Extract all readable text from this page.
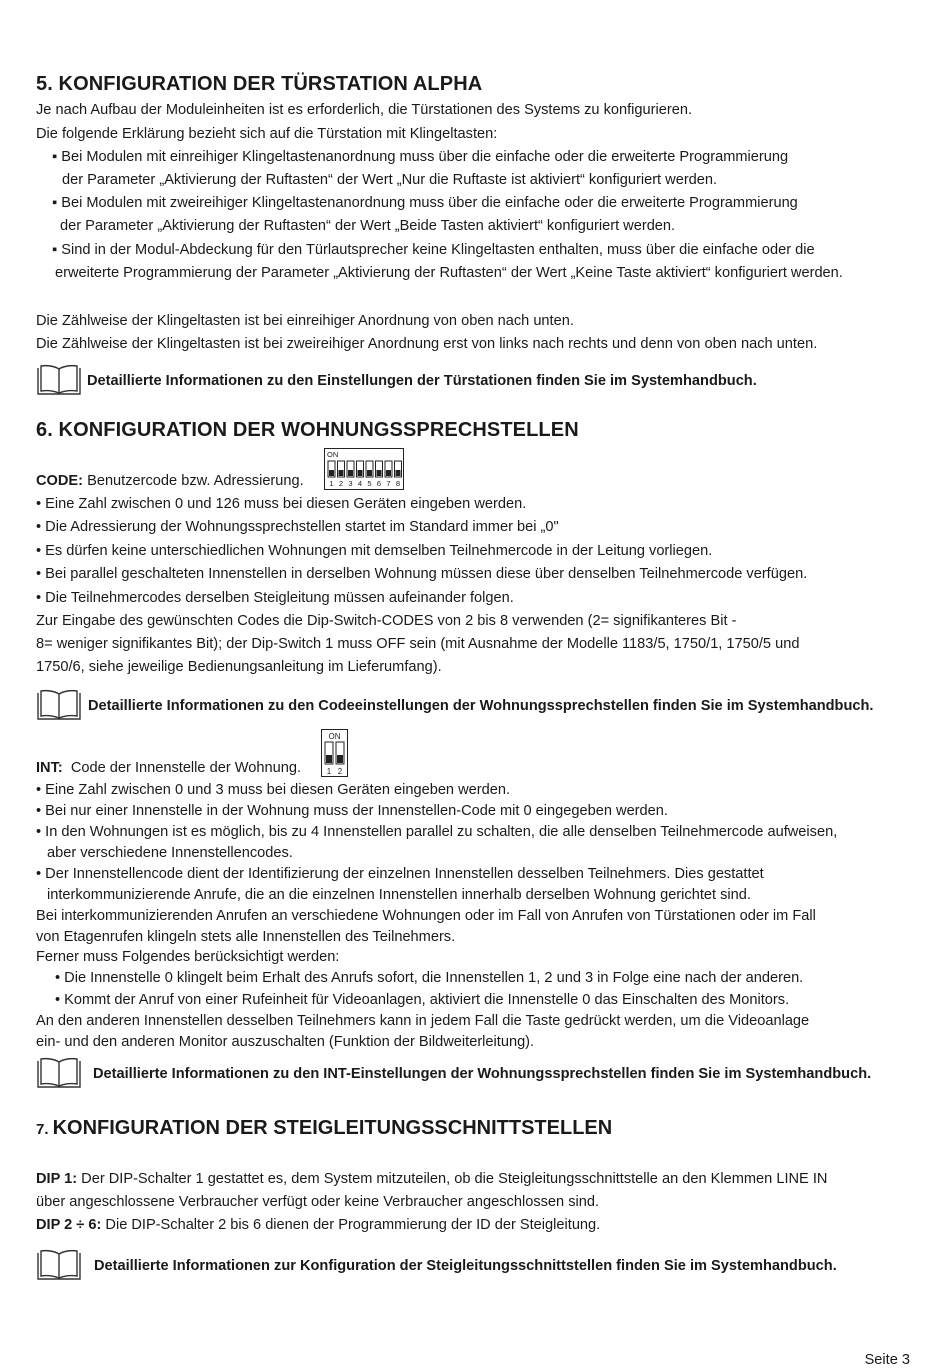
5. KONFIGURATION DER TÜRSTATION ALPHA
Je nach Aufbau der Moduleinheiten ist es erforderlich, die Türstationen des Systems zu konfigurieren.
Die folgende Erklärung bezieht sich auf die Türstation mit Klingeltasten:
▪ Bei Modulen mit einreihiger Klingeltastenanordnung muss über die einfache oder die erweiterte Programmierung
der Parameter „Aktivierung der Ruftasten“ der Wert „Nur die Ruftaste ist aktiviert“ konfiguriert werden.
▪ Bei Modulen mit zweireihiger Klingeltastenanordnung muss über die einfache oder die erweiterte Programmierung
der Parameter „Aktivierung der Ruftasten“ der Wert „Beide Tasten aktiviert“ konfiguriert werden.
▪ Sind in der Modul-Abdeckung für den Türlautsprecher keine Klingeltasten enthalten, muss über die einfache oder die
erweiterte Programmierung der Parameter „Aktivierung der Ruftasten“ der Wert „Keine Taste aktiviert“ konfiguriert werden.
Die Zählweise der Klingeltasten ist bei einreihiger Anordnung von oben nach unten.
Die Zählweise der Klingeltasten ist bei zweireihiger Anordnung erst von links nach rechts und denn von oben nach unten.
Detaillierte Informationen zu den Einstellungen der Türstationen finden Sie im Systemhandbuch.
6. KONFIGURATION DER WOHNUNGSSPRECHSTELLEN
CODE: Benutzercode bzw. Adressierung.
ON
1 2 3 4 5 6 7 8
• Eine Zahl zwischen 0 und 126 muss bei diesen Geräten eingeben werden.
• Die Adressierung der Wohnungssprechstellen startet im Standard immer bei „0"
• Es dürfen keine unterschiedlichen Wohnungen mit demselben Teilnehmercode in der Leitung vorliegen.
• Bei parallel geschalteten Innenstellen in derselben Wohnung müssen diese über denselben Teilnehmercode verfügen.
• Die Teilnehmercodes derselben Steigleitung müssen aufeinander folgen.
Zur Eingabe des gewünschten Codes die Dip-Switch-CODES von 2 bis 8 verwenden (2= signifikanteres Bit -
8= weniger signifikantes Bit); der Dip-Switch 1 muss OFF sein (mit Ausnahme der Modelle 1183/5, 1750/1, 1750/5 und
1750/6, siehe jeweilige Bedienungsanleitung im Lieferumfang).
Detaillierte Informationen zu den Codeeinstellungen der Wohnungssprechstellen finden Sie im Systemhandbuch.
INT: Code der Innenstelle der Wohnung.
ON
1 2
• Eine Zahl zwischen 0 und 3 muss bei diesen Geräten eingeben werden.
• Bei nur einer Innenstelle in der Wohnung muss der Innenstellen-Code mit 0 eingegeben werden.
• In den Wohnungen ist es möglich, bis zu 4 Innenstellen parallel zu schalten, die alle denselben Teilnehmercode aufweisen,
aber verschiedene Innenstellencodes.
• Der Innenstellencode dient der Identifizierung der einzelnen Innenstellen desselben Teilnehmers. Dies gestattet
interkommunizierende Anrufe, die an die einzelnen Innenstellen innerhalb derselben Wohnung gerichtet sind.
Bei interkommunizierenden Anrufen an verschiedene Wohnungen oder im Fall von Anrufen von Türstationen oder im Fall
von Etagenrufen klingeln stets alle Innenstellen des Teilnehmers.
Ferner muss Folgendes berücksichtigt werden:
• Die Innenstelle 0 klingelt beim Erhalt des Anrufs sofort, die Innenstellen 1, 2 und 3 in Folge eine nach der anderen.
• Kommt der Anruf von einer Rufeinheit für Videoanlagen, aktiviert die Innenstelle 0 das Einschalten des Monitors.
An den anderen Innenstellen desselben Teilnehmers kann in jedem Fall die Taste gedrückt werden, um die Videoanlage
ein- und den anderen Monitor auszuschalten (Funktion der Bildweiterleitung).
Detaillierte Informationen zu den INT-Einstellungen der Wohnungssprechstellen finden Sie im Systemhandbuch.
7. KONFIGURATION DER STEIGLEITUNGSSCHNITTSTELLEN
DIP 1: Der DIP-Schalter 1 gestattet es, dem System mitzuteilen, ob die Steigleitungsschnittstelle an den Klemmen LINE IN
über angeschlossene Verbraucher verfügt oder keine Verbraucher angeschlossen sind.
DIP 2 ÷ 6: Die DIP-Schalter 2 bis 6 dienen der Programmierung der ID der Steigleitung.
Detaillierte Informationen zur Konfiguration der Steigleitungsschnittstellen finden Sie im Systemhandbuch.
Seite 3
